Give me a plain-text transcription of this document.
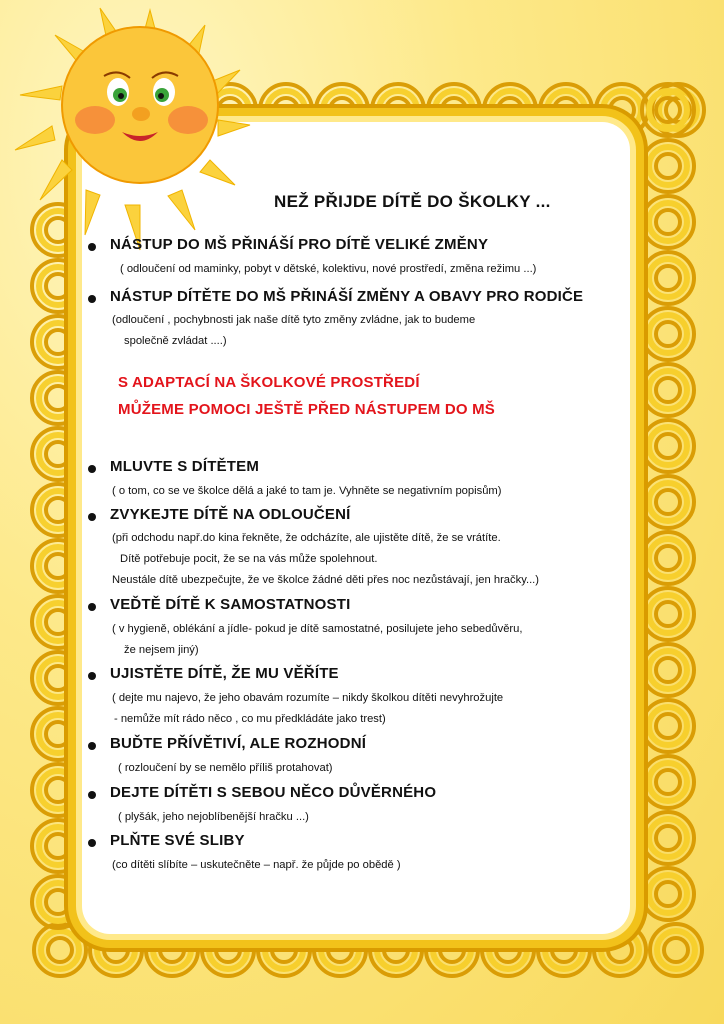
NEŽ PŘIJDE DÍTĚ DO ŠKOLKY ...
NÁSTUP DO MŠ PŘINÁŠÍ PRO DÍTĚ VELIKÉ ZMĚNY
( odloučení od maminky, pobyt v dětské, kolektivu, nové prostředí, změna režimu ...)
NÁSTUP DÍTĚTE DO MŠ PŘINÁŠÍ ZMĚNY A OBAVY PRO RODIČE
(odloučení , pochybnosti jak naše dítě tyto změny zvládne, jak to budeme
společně zvládat ....)
S ADAPTACÍ NA ŠKOLKOVÉ PROSTŘEDÍ
MŮŽEME POMOCI JEŠTĚ PŘED NÁSTUPEM DO MŠ
MLUVTE S DÍTĚTEM
( o tom, co se ve školce dělá a jaké to tam je. Vyhněte se negativním popisům)
ZVYKEJTE DÍTĚ NA ODLOUČENÍ
(při odchodu např.do kina řekněte, že odcházíte, ale ujistěte dítě, že se vrátíte.
Dítě potřebuje pocit, že se na vás může spolehnout.
Neustále dítě ubezpečujte, že ve školce žádné děti přes noc nezůstávají, jen hračky...)
VEĎTĚ DÍTĚ K SAMOSTATNOSTI
( v hygieně, oblékání a jídle- pokud je dítě samostatné, posilujete jeho sebedůvěru,
že nejsem jiný)
UJISTĚTE DÍTĚ, ŽE MU VĚŘÍTE
( dejte mu najevo, že jeho obavám rozumíte – nikdy školkou dítěti nevyhrožujte
- nemůže mít rádo něco , co mu předkládáte jako trest)
BUĎTE PŘÍVĚTIVÍ, ALE ROZHODNÍ
( rozloučení by se nemělo příliš protahovat)
DEJTE DÍTĚTI S SEBOU NĚCO DŮVĚRNÉHO
( plyšák, jeho nejoblíbenější hračku ...)
PLŇTE SVÉ SLIBY
(co dítěti slíbíte – uskutečněte – např. že půjde po obědě )
